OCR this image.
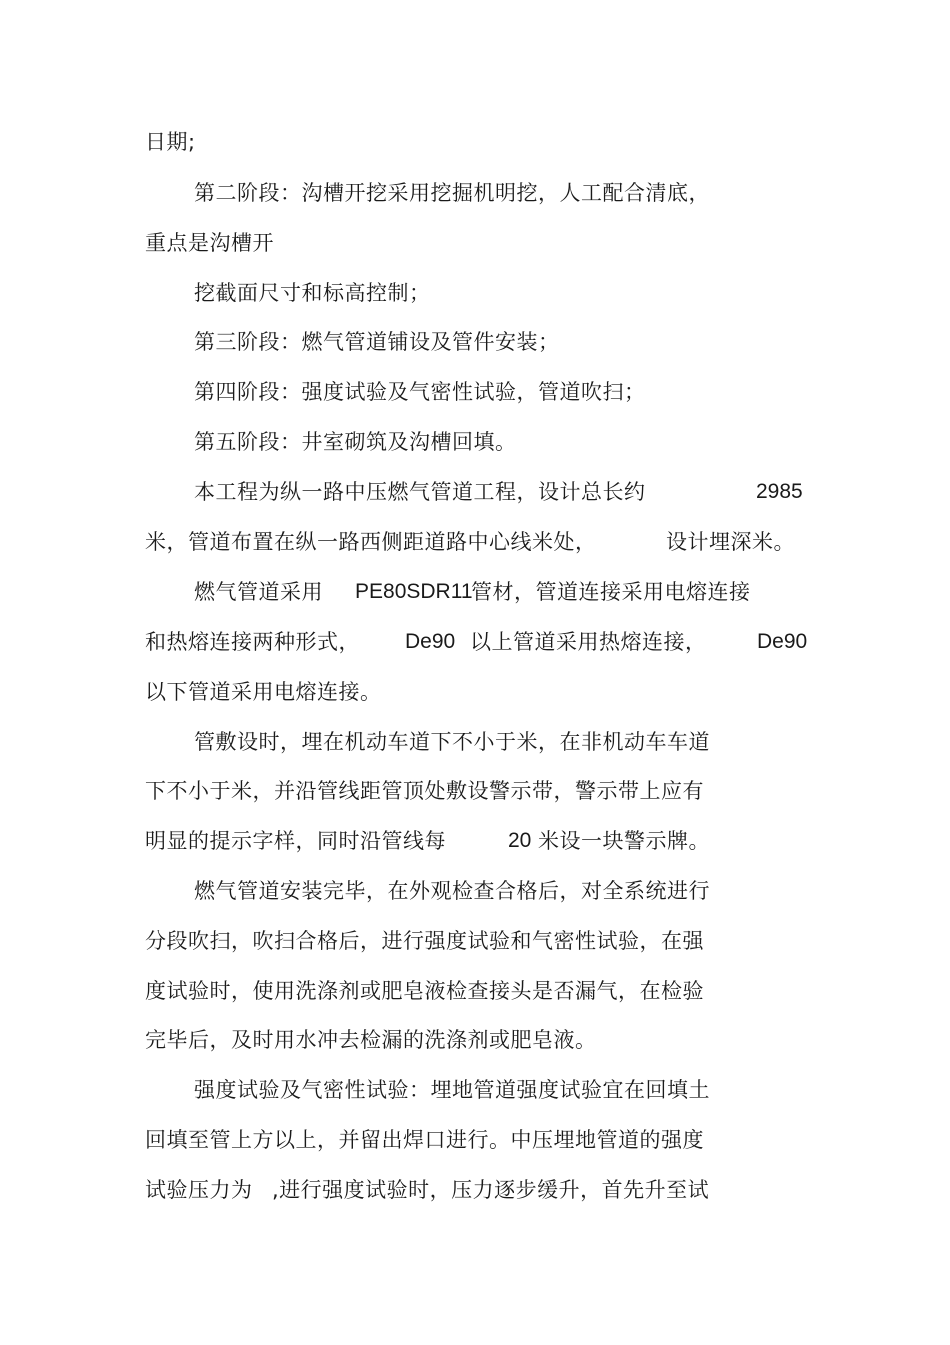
日期;
第二阶段：沟槽开挖采用挖掘机明挖，人工配合清底，
重点是沟槽开
挖截面尺寸和标高控制；
第三阶段：燃气管道铺设及管件安装；
第四阶段：强度试验及气密性试验，管道吹扫；
第五阶段：井室砌筑及沟槽回填。
本工程为纵一路中压燃气管道工程，设计总长约	2985
米，管道布置在纵一路西侧距道路中心线米处，	设计埋深米。
燃气管道采用 PE80SDR11
管材，管道连接采用电熔连接
和热熔连接两种形式， De90 以上管道采用热熔连接， De90
以下管道采用电熔连接。
管敷设时，埋在机动车道下不小于米，在非机动车车道
下不小于米，并沿管线距管顶处敷设警示带，警示带上应有
明显的提示字样，同时沿管线每	20 米设一块警示牌。
燃气管道安装完毕，在外观检查合格后，对全系统进行
分段吹扫，吹扫合格后，进行强度试验和气密性试验，在强
度试验时，使用洗涤剂或肥皂液检查接头是否漏气，在检验
完毕后，及时用水冲去检漏的洗涤剂或肥皂液。
强度试验及气密性试验：埋地管道强度试验宜在回填土
回填至管上方以上，并留出焊口进行。中压埋地管道的强度
试验压力为 ,进行强度试验时，压力逐步缓升，首先升至试
